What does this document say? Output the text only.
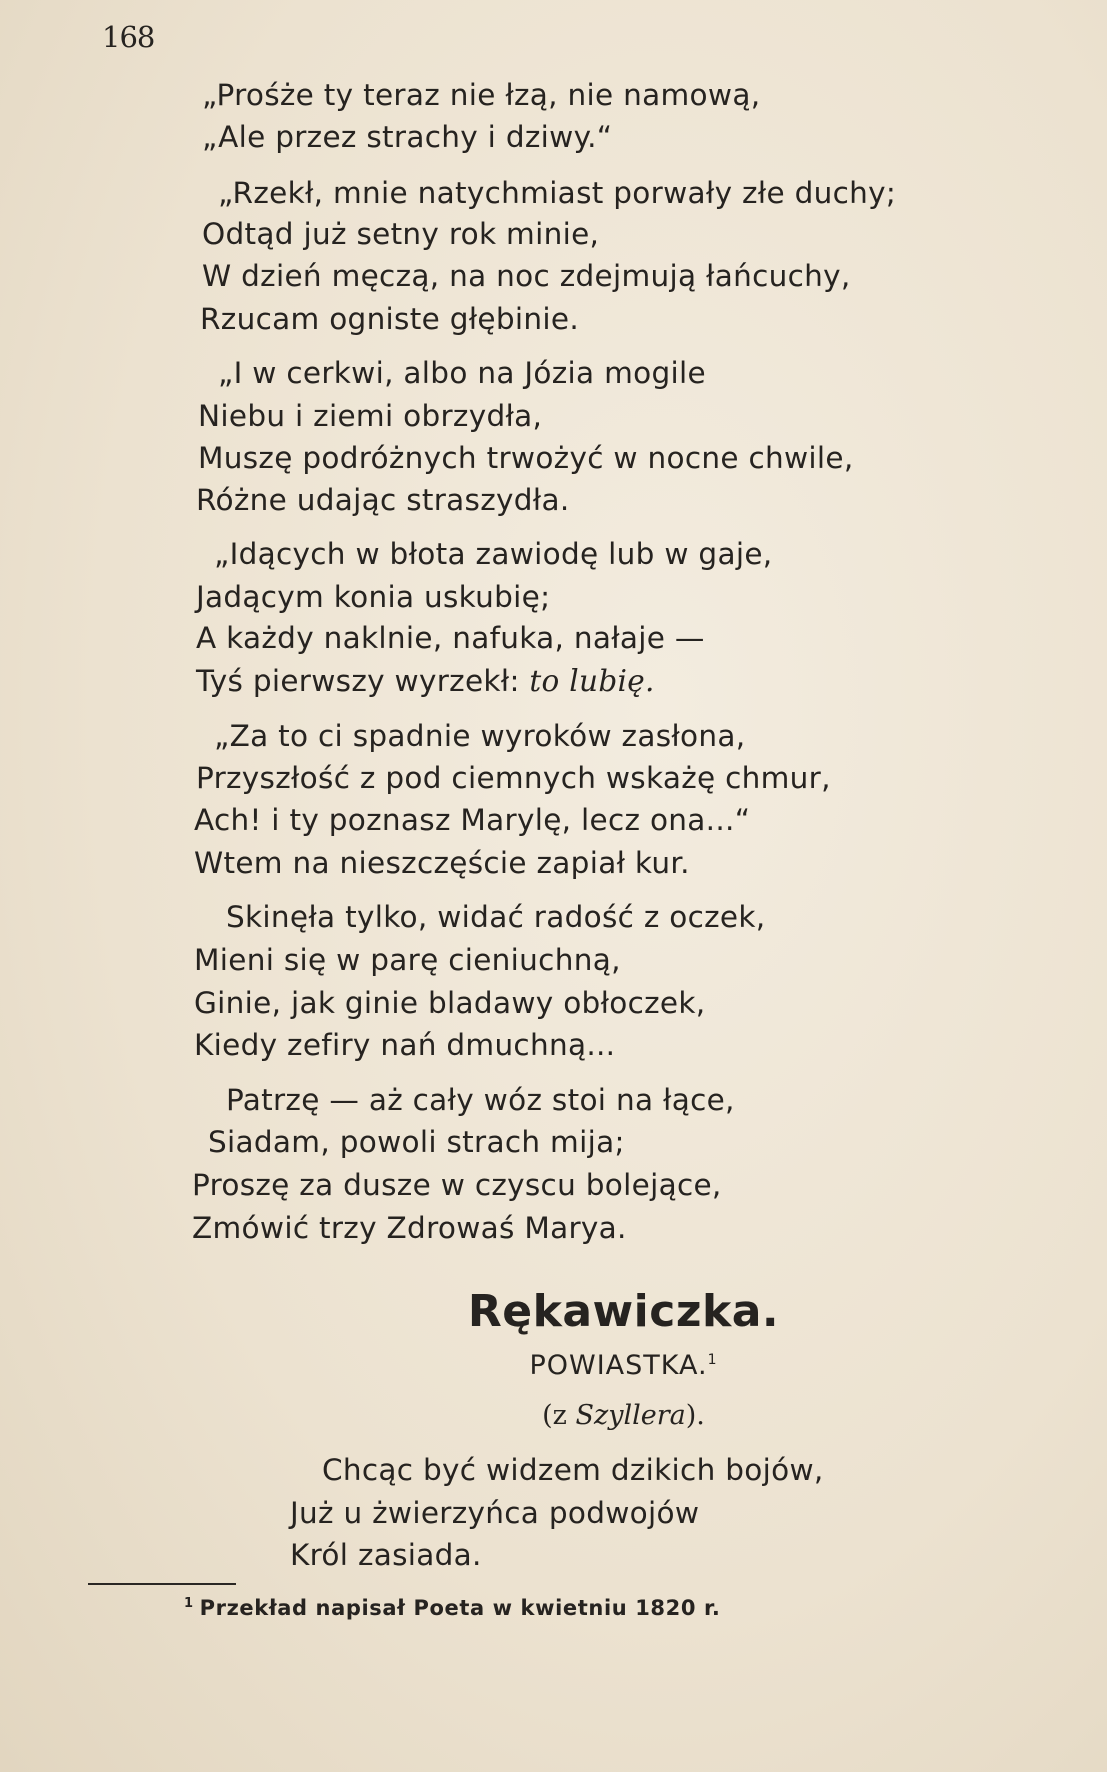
168
„Prośże ty teraz nie łzą, nie namową,
„Ale przez strachy i dziwy.“
„Rzekł, mnie natychmiast porwały złe duchy;
Odtąd już setny rok minie,
W dzień męczą, na noc zdejmują łańcuchy,
Rzucam ogniste głębinie.
„I w cerkwi, albo na Józia mogile
Niebu i ziemi obrzydła,
Muszę podróżnych trwożyć w nocne chwile,
Różne udając straszydła.
„Idących w błota zawiodę lub w gaje,
Jadącym konia uskubię;
A każdy naklnie, nafuka, nałaje —
Tyś pierwszy wyrzekł: to lubię.
„Za to ci spadnie wyroków zasłona,
Przyszłość z pod ciemnych wskażę chmur,
Ach! i ty poznasz Marylę, lecz ona...“
Wtem na nieszczęście zapiał kur.
Skinęła tylko, widać radość z oczek,
Mieni się w parę cieniuchną,
Ginie, jak ginie bladawy obłoczek,
Kiedy zefiry nań dmuchną...
Patrzę — aż cały wóz stoi na łące,
Siadam, powoli strach mija;
Proszę za dusze w czyscu bolejące,
Zmówić trzy Zdrowaś Marya.
Rękawiczka.
POWIASTKA.$^1$
(z Szyllera).
Chcąc być widzem dzikich bojów,
Już u żwierzyńca podwojów
Król zasiada.
$^1$ Przekład napisał Poeta w kwietniu 1820 r.
